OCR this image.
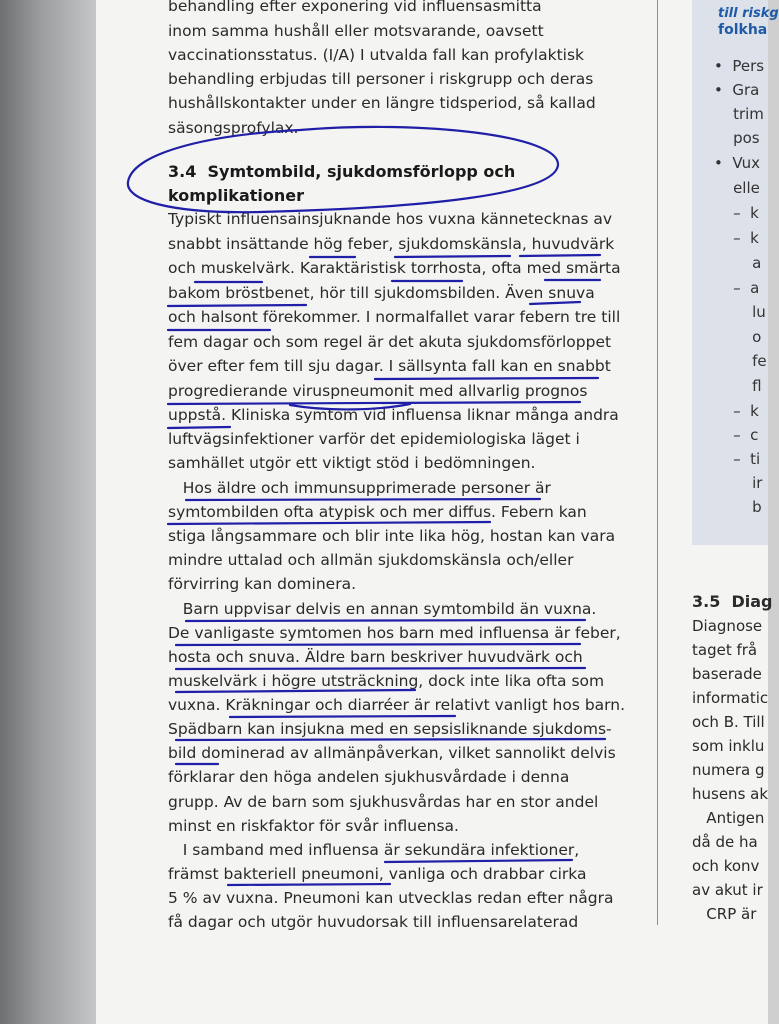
behandling efter exponering vid influensasmitta
inom samma hushåll eller motsvarande, oavsett
vaccinationsstatus. (I/A) I utvalda fall kan profylaktisk
behandling erbjudas till personer i riskgrupp och deras
hushållskontakter under en längre tidsperiod, så kallad
säsongsprofylax.
Typiskt influensainsjuknande hos vuxna kännetecknas av
snabbt insättande hög feber, sjukdomskänsla, huvudvärk
och muskelvärk. Karaktäristisk torrhosta, ofta med smärta
bakom bröstbenet, hör till sjukdomsbilden. Även snuva
och halsont förekommer. I normalfallet varar febern tre till
fem dagar och som regel är det akuta sjukdomsförloppet
över efter fem till sju dagar. I sällsynta fall kan en snabbt
progredierande viruspneumonit med allvarlig prognos
uppstå. Kliniska symtom vid influensa liknar många andra
luftvägsinfektioner varför det epidemiologiska läget i
samhället utgör ett viktigt stöd i bedömningen.
Hos äldre och immunsupprimerade personer är
symtombilden ofta atypisk och mer diffus. Febern kan
stiga långsammare och blir inte lika hög, hostan kan vara
mindre uttalad och allmän sjukdomskänsla och/eller
förvirring kan dominera.
Barn uppvisar delvis en annan symtombild än vuxna.
De vanligaste symtomen hos barn med influensa är feber,
hosta och snuva. Äldre barn beskriver huvudvärk och
muskelvärk i högre utsträckning, dock inte lika ofta som
vuxna. Kräkningar och diarréer är relativt vanligt hos barn.
Spädbarn kan insjukna med en sepsisliknande sjukdoms-
bild dominerad av allmänpåverkan, vilket sannolikt delvis
förklarar den höga andelen sjukhusvårdade i denna
grupp. Av de barn som sjukhusvårdas har en stor andel
minst en riskfaktor för svår influensa.
I samband med influensa är sekundära infektioner,
främst bakteriell pneumoni, vanliga och drabbar cirka
5 % av vuxna. Pneumoni kan utvecklas redan efter några
få dagar och utgör huvudorsak till influensarelaterad
3.4  Symtombild, sjukdomsförlopp och
komplikationer
till riskg
folkha
•  Pers
•  Gra
trim
pos
•  Vux
elle
–  k
–  k
a
–  a
lu
o
fe
fl
–  k
–  c
–  ti
ir
b
3.5  Diag
Diagnose
taget frå
baserade
informatic
och B. Till
som inklu
numera g
husens ak
Antigen
då de ha
och konv
av akut ir
CRP är
